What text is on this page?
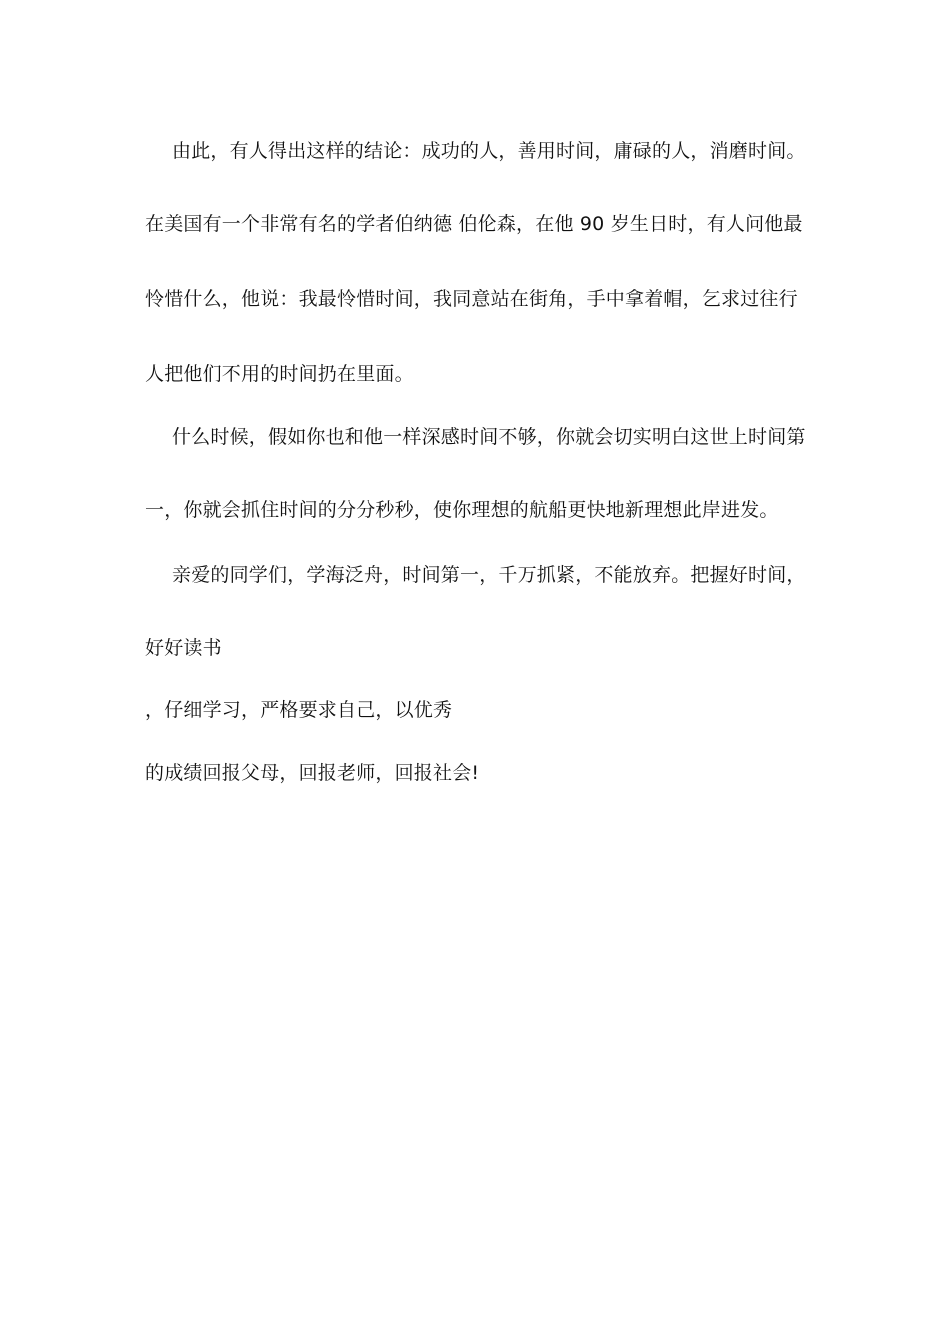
由此，有人得出这样的结论：成功的人，善用时间，庸碌的人，消磨时间。
在美国有一个非常有名的学者伯纳德 伯伦森，在他 90 岁生日时，有人问他最
怜惜什么，他说：我最怜惜时间，我同意站在街角，手中拿着帽，乞求过往行
人把他们不用的时间扔在里面。
什么时候，假如你也和他一样深感时间不够，你就会切实明白这世上时间第
一，你就会抓住时间的分分秒秒，使你理想的航船更快地新理想此岸进发。
亲爱的同学们，学海泛舟，时间第一，千万抓紧，不能放弃。把握好时间，
好好读书
，仔细学习，严格要求自己，以优秀
的成绩回报父母，回报老师，回报社会!
